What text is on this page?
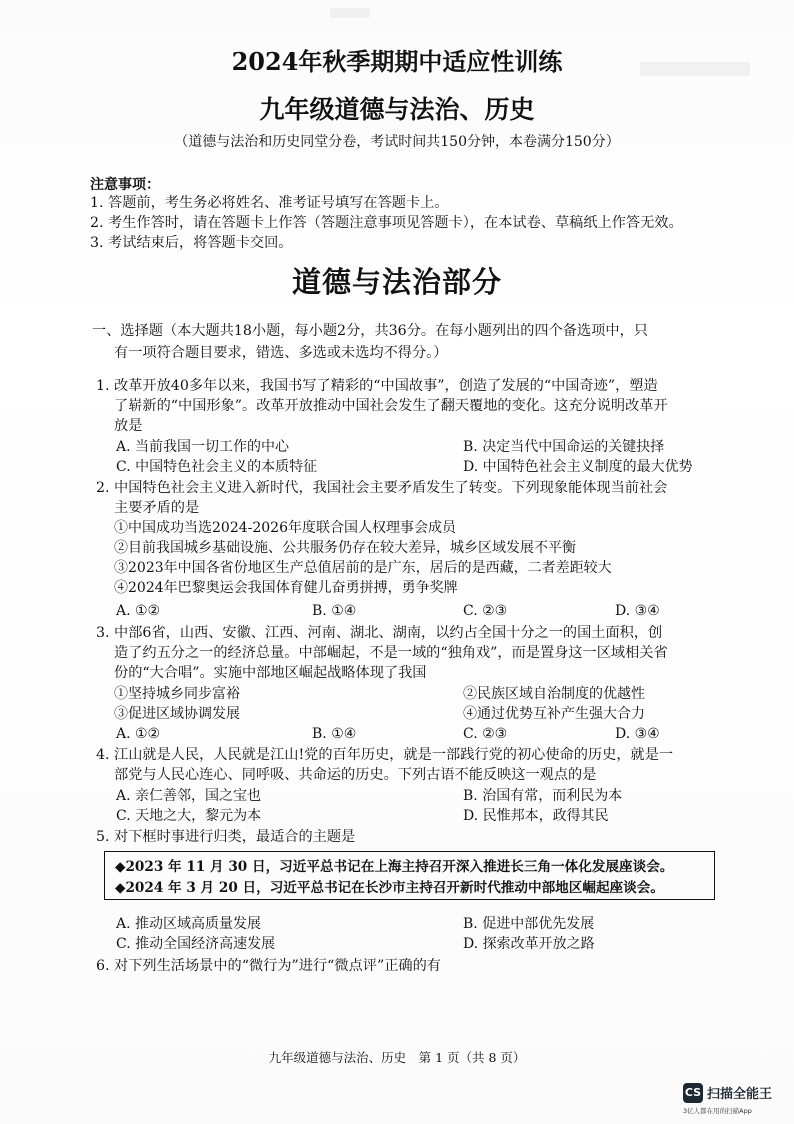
2024年秋季期期中适应性训练
九年级道德与法治、历史
（道德与法治和历史同堂分卷，考试时间共150分钟，本卷满分150分）
注意事项：
1. 答题前，考生务必将姓名、准考证号填写在答题卡上。
2. 考生作答时，请在答题卡上作答（答题注意事项见答题卡），在本试卷、草稿纸上作答无效。
3. 考试结束后，将答题卡交回。
道德与法治部分
一、选择题（本大题共18小题，每小题2分，共36分。在每小题列出的四个备选项中，只
有一项符合题目要求，错选、多选或未选均不得分。）
1. 改革开放40多年以来，我国书写了精彩的“中国故事”，创造了发展的“中国奇迹”，塑造
了崭新的“中国形象”。改革开放推动中国社会发生了翻天覆地的变化。这充分说明改革开
放是
A. 当前我国一切工作的中心	B. 决定当代中国命运的关键抉择
C. 中国特色社会主义的本质特征	D. 中国特色社会主义制度的最大优势
2. 中国特色社会主义进入新时代，我国社会主要矛盾发生了转变。下列现象能体现当前社会
主要矛盾的是
①中国成功当选2024-2026年度联合国人权理事会成员
②目前我国城乡基础设施、公共服务仍存在较大差异，城乡区域发展不平衡
③2023年中国各省份地区生产总值居前的是广东，居后的是西藏，二者差距较大
④2024年巴黎奥运会我国体育健儿奋勇拼搏，勇争奖牌
A. ①②	B. ①④	C. ②③	D. ③④
3. 中部6省，山西、安徽、江西、河南、湖北、湖南，以约占全国十分之一的国土面积，创
造了约五分之一的经济总量。中部崛起，不是一域的“独角戏”，而是置身这一区域相关省
份的“大合唱”。实施中部地区崛起战略体现了我国
①坚持城乡同步富裕	②民族区域自治制度的优越性
③促进区域协调发展	④通过优势互补产生强大合力
A. ①②	B. ①④	C. ②③	D. ③④
4. 江山就是人民，人民就是江山!党的百年历史，就是一部践行党的初心使命的历史，就是一
部党与人民心连心、同呼吸、共命运的历史。下列古语不能反映这一观点的是
A. 亲仁善邻，国之宝也	B. 治国有常，而利民为本
C. 天地之大，黎元为本	D. 民惟邦本，政得其民
5. 对下框时事进行归类，最适合的主题是
◆2023 年 11 月 30 日，习近平总书记在上海主持召开深入推进长三角一体化发展座谈会。
◆2024 年 3 月 20 日，习近平总书记在长沙市主持召开新时代推动中部地区崛起座谈会。
A. 推动区域高质量发展	B. 促进中部优先发展
C. 推动全国经济高速发展	D. 探索改革开放之路
6. 对下列生活场景中的“微行为”进行“微点评”正确的有
九年级道德与法治、历史　第 1 页（共 8 页）
CS 扫描全能王
3亿人都在用的扫描App
